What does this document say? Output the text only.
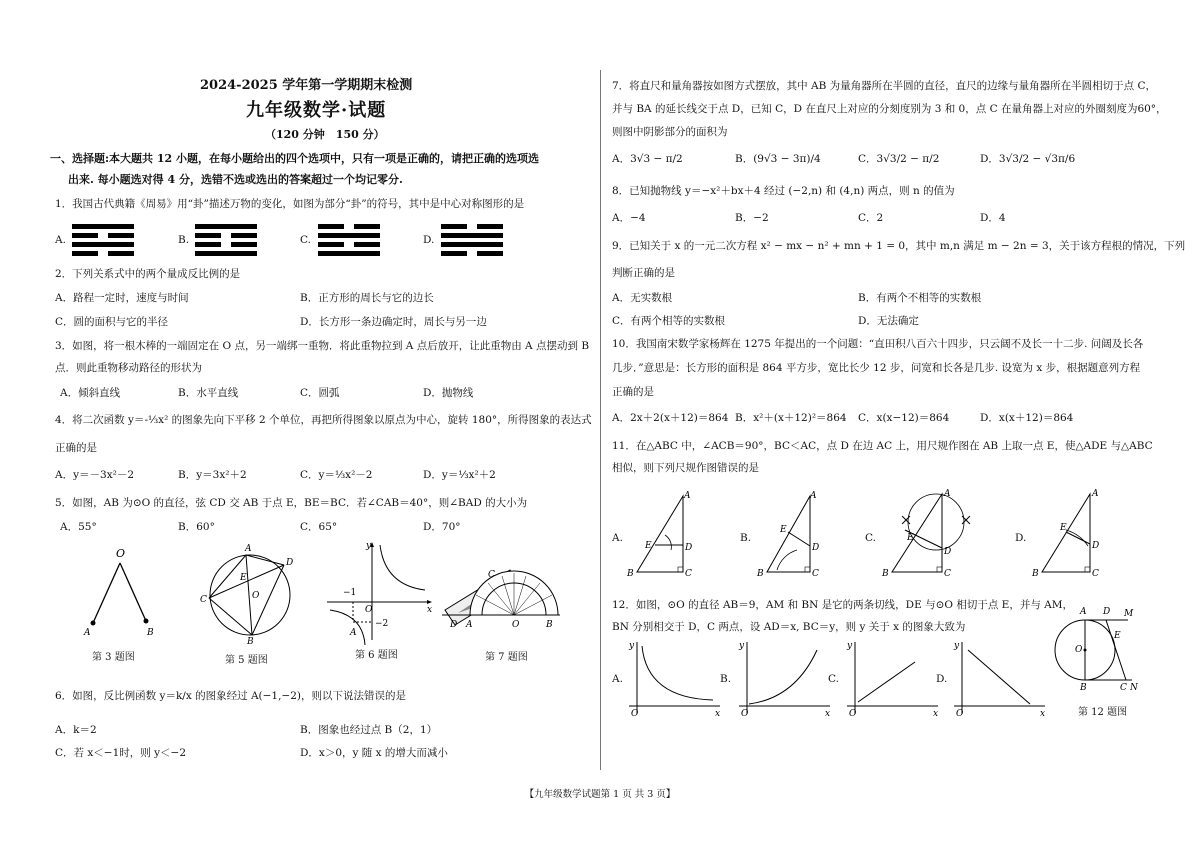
2024-2025 学年第一学期期末检测
九年级数学·试题
（120 分钟　150 分）
一、选择题:本大题共 12 小题，在每小题给出的四个选项中，只有一项是正确的，请把正确的选项选
出来. 每小题选对得 4 分，选错不选或选出的答案超过一个均记零分.
1．我国古代典籍《周易》用“卦”描述万物的变化，如图为部分“卦”的符号，其中是中心对称图形的是
A.	B.	C.	D.
2．下列关系式中的两个量成反比例的是
A．路程一定时，速度与时间	B．正方形的周长与它的边长
C．圆的面积与它的半径	D．长方形一条边确定时，周长与另一边
3．如图，将一根木棒的一端固定在 O 点，另一端绑一重物．将此重物拉到 A 点后放开，让此重物由 A 点摆动到 B
点．则此重物移动路径的形状为
A．倾斜直线	B．水平直线	C．圆弧	D．抛物线
4．将二次函数 y＝-⅓x² 的图象先向下平移 2 个单位，再把所得图象以原点为中心，旋转 180°，所得图象的表达式
正确的是
A．y＝－3x²－2	B．y＝3x²＋2	C．y＝⅓x²－2	D．y＝⅓x²＋2
5．如图，AB 为⊙O 的直径，弦 CD 交 AB 于点 E，BE＝BC．若∠CAB＝40°，则∠BAD 的大小为
A．55°	B．60°	C．65°	D．70°
O
A	B
第 3 题图
A
D
E
O
C
B
第 5 题图
y
x
O
−1
−2
A
第 6 题图
D A	O	B
C
第 7 题图
6．如图，反比例函数 y＝k/x 的图象经过 A(−1,−2)，则以下说法错误的是
A．k＝2	B．图象也经过点 B（2，1）
C．若 x＜−1时，则 y＜−2	D．x＞0，y 随 x 的增大而减小
7．将直尺和量角器按如图方式摆放，其中 AB 为量角器所在半圆的直径，直尺的边缘与量角器所在半圆相切于点 C，
并与 BA 的延长线交于点 D，已知 C，D 在直尺上对应的分刻度别为 3 和 0，点 C 在量角器上对应的外圈刻度为60°，
则图中阴影部分的面积为
A．3√3 − π/2	B．(9√3 − 3π)/4	C．3√3/2 − π/2	D．3√3/2 − √3π/6
8．已知抛物线 y＝−x²＋bx＋4 经过 (−2,n) 和 (4,n) 两点，则 n 的值为
A．−4	B．−2	C．2	D．4
9．已知关于 x 的一元二次方程 x² − mx − n² + mn + 1 = 0，其中 m,n 满足 m − 2n = 3，关于该方程根的情况，下列
判断正确的是
A．无实数根	B．有两个不相等的实数根
C．有两个相等的实数根	D．无法确定
10．我国南宋数学家杨辉在 1275 年提出的一个问题：“直田积八百六十四步，只云阔不及长一十二步. 问阔及长各
几步．”意思是：长方形的面积是 864 平方步，宽比长少 12 步，问宽和长各是几步. 设宽为 x 步，根据题意列方程
正确的是
A．2x＋2(x＋12)＝864 B．x²＋(x＋12)²＝864 C．x(x−12)＝864	D．x(x＋12)＝864
11．在△ABC 中，∠ACB＝90°，BC＜AC，点 D 在边 AC 上，用尺规作图在 AB 上取一点 E，使△ADE 与△ABC
相似，则下列尺规作图错误的是
A.	B.	C.	D.
A
E	D
B	C
A
E
D
B	C
A
E
D
B	C
A
E
D
B	C
12．如图，⊙O 的直径 AB＝9，AM 和 BN 是它的两条切线，DE 与⊙O 相切于点 E，并与 AM，
BN 分别相交于 D，C 两点，设 AD＝x, BC＝y，则 y 关于 x 的图象大致为
A.	B.	C.	D.
y
x
O
y
x
O
y
x
O
y
x
O
A D M
O
E
B	C N
第 12 题图
【九年级数学试题第 1 页 共 3 页】
